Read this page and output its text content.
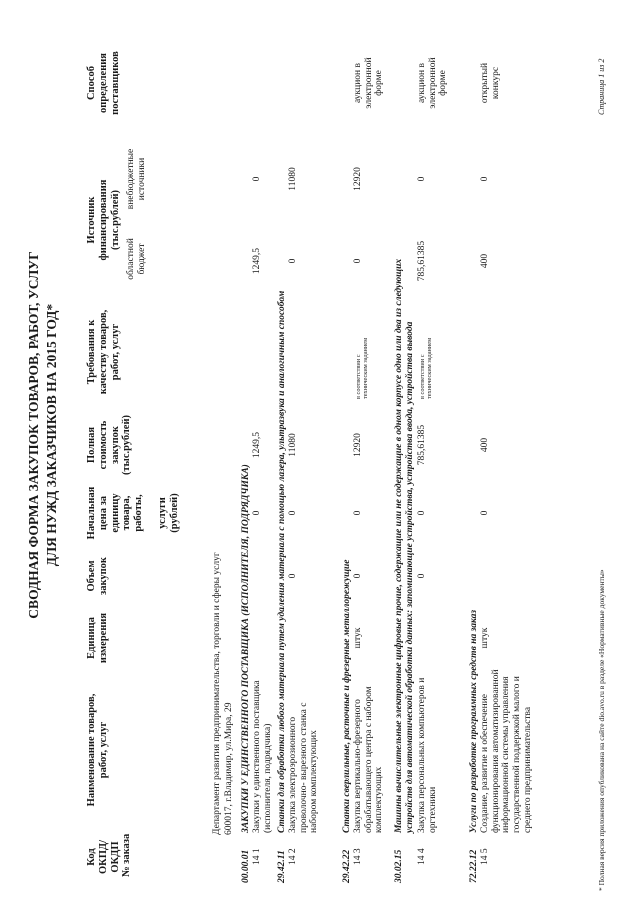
СВОДНАЯ ФОРМА ЗАКУПОК ТОВАРОВ, РАБОТ, УСЛУГ ДЛЯ НУЖД ЗАКАЗЧИКОВ НА 2015 ГОД*
Код ОКПД/ ОКДП № заказа
Наименование товаров, работ, услуг
Единица измерения
Объем закупок
Начальная цена за единицу товара, работы, услуги (рублей)
Полная стоимость закупок (тыс.рублей)
Требования к качеству товаров, работ, услуг
Источник финансирования (тыс.рублей)
областной бюджет
внебюджетные источники
Способ определения поставщиков
Департамент развития предпринимательства, торговли и сферы услуг 600017, г.Владимир, ул.Мира, 29
00.00.01
ЗАКУПКИ У ЕДИНСТВЕННОГО ПОСТАВЩИКА (ИСПОЛНИТЕЛЯ, ПОДРЯДЧИКА)
14 1
Закупки у единственного поставщика (исполнителя, подрядчика)
0
1249,5
1249,5
0
29.42.11
Станки для обработки любого материала путем удаления материала с помощью лазера, ультразвука и аналогичным способом
14 2
Закупка электроэрозионного проволочно- вырезного станка с набором комплектующих
0
0
11080
0
11080
29.42.22
Станки сверлильные, расточные и фрезерные металлорежущие
14 3
Закупка вертикально-фрезерного обрабатывающего центра с набором комплектующих
штук
0
0
12920
в соответствии с техническим заданием
0
12920
аукцион в электронной форме
30.02.15
Машины вычислительные электронные цифровые прочие, содержащие или не содержащие в одном корпусе одно или два из следующих устройств для автоматической обработки данных: запоминающие устройства, устройства ввода, устройства вывода
14 4
Закупка персональных компьютеров и оргтехники
0
0
785,61385
в соответствии с техническим заданием
785,61385
0
аукцион в электронной форме
72.22.12
Услуги по разработке программных средств на заказ
14 5
Создание, развитие и обеспечение функционирования автоматизированной информационной системы управления государственной поддержкой малого и среднего предпринимательства
штук
0
400
400
0
открытый конкурс
* Полная версия приложения опубликована на сайте dio.avo.ru в разделе «Нормативные документы»
Страница 1 из 2
